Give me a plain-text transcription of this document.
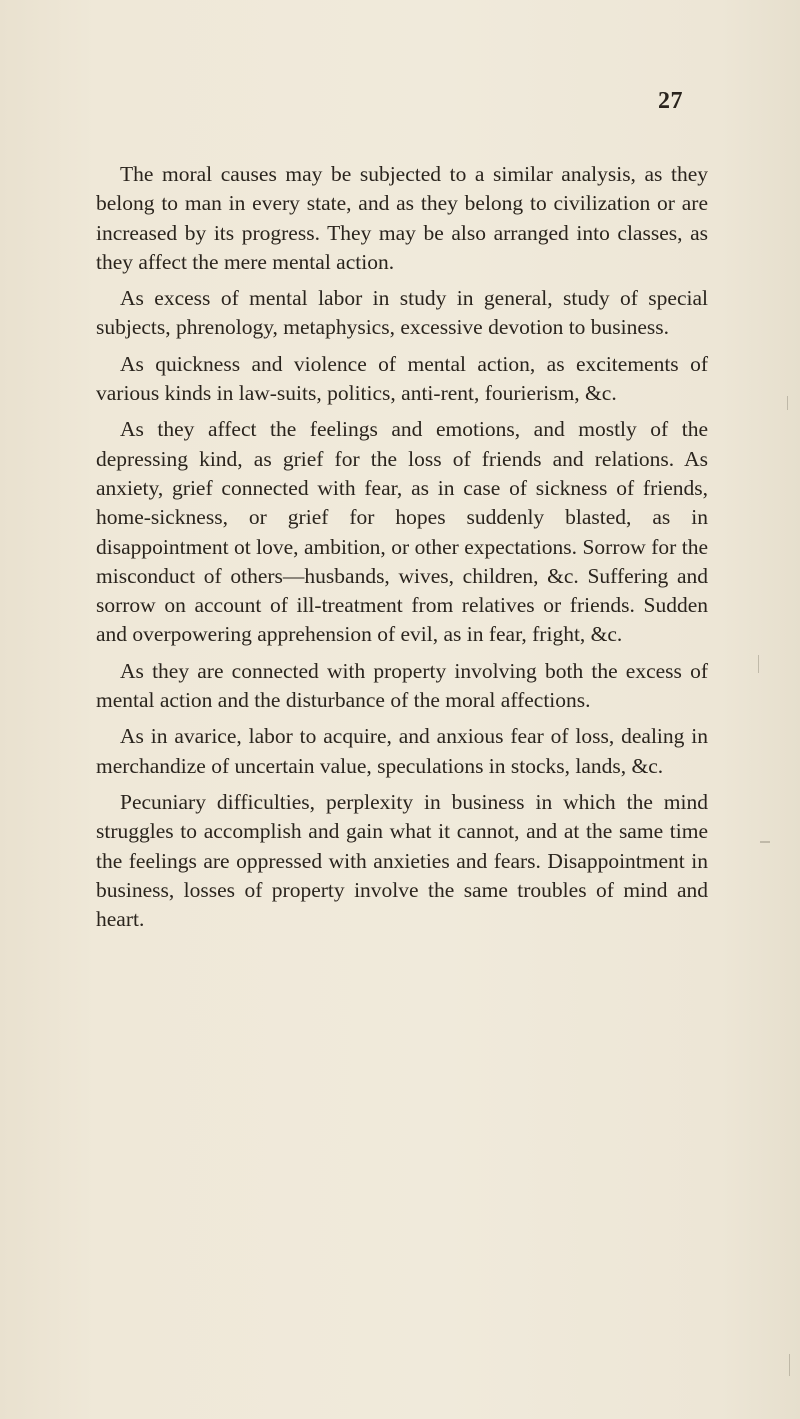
27

The moral causes may be subjected to a similar analysis, as they belong to man in every state, and as they belong to civilization or are increased by its progress. They may be also arranged into classes, as they affect the mere mental action.

As excess of mental labor in study in general, study of special subjects, phrenology, metaphysics, excessive devotion to business.

As quickness and violence of mental action, as excitements of various kinds in law-suits, politics, anti-rent, fourierism, &c.

As they affect the feelings and emotions, and mostly of the depressing kind, as grief for the loss of friends and relations. As anxiety, grief connected with fear, as in case of sickness of friends, home-sickness, or grief for hopes suddenly blasted, as in disappointment ot love, ambition, or other expectations. Sorrow for the misconduct of others—husbands, wives, children, &c. Suffering and sorrow on account of ill-treatment from relatives or friends. Sudden and overpowering apprehension of evil, as in fear, fright, &c.

As they are connected with property involving both the excess of mental action and the disturbance of the moral affections.

As in avarice, labor to acquire, and anxious fear of loss, dealing in merchandize of uncertain value, speculations in stocks, lands, &c.

Pecuniary difficulties, perplexity in business in which the mind struggles to accomplish and gain what it cannot, and at the same time the feelings are oppressed with anxieties and fears. Disappointment in business, losses of property involve the same troubles of mind and heart.
